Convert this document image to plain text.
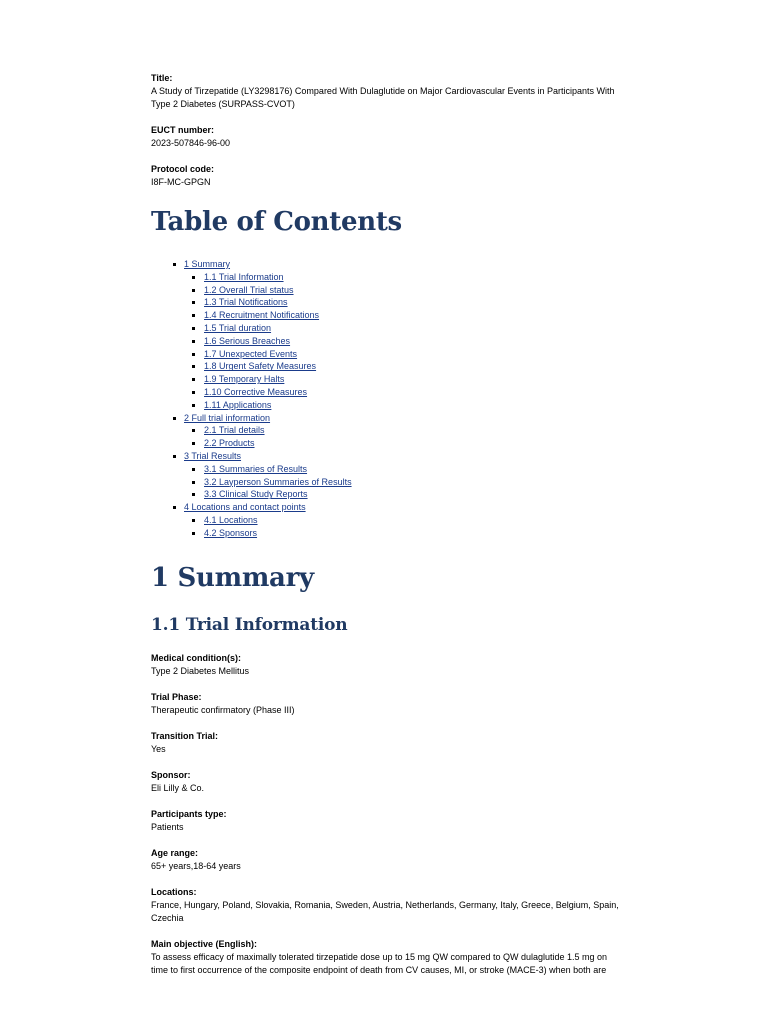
Title:
A Study of Tirzepatide (LY3298176) Compared With Dulaglutide on Major Cardiovascular Events in Participants With Type 2 Diabetes (SURPASS-CVOT)
EUCT number:
2023-507846-96-00
Protocol code:
I8F-MC-GPGN
Table of Contents
1 Summary
1.1 Trial Information
1.2 Overall Trial status
1.3 Trial Notifications
1.4 Recruitment Notifications
1.5 Trial duration
1.6 Serious Breaches
1.7 Unexpected Events
1.8 Urgent Safety Measures
1.9 Temporary Halts
1.10 Corrective Measures
1.11 Applications
2 Full trial information
2.1 Trial details
2.2 Products
3 Trial Results
3.1 Summaries of Results
3.2 Layperson Summaries of Results
3.3 Clinical Study Reports
4 Locations and contact points
4.1 Locations
4.2 Sponsors
1 Summary
1.1 Trial Information
Medical condition(s):
Type 2 Diabetes Mellitus
Trial Phase:
Therapeutic confirmatory (Phase III)
Transition Trial:
Yes
Sponsor:
Eli Lilly & Co.
Participants type:
Patients
Age range:
65+ years,18-64 years
Locations:
France, Hungary, Poland, Slovakia, Romania, Sweden, Austria, Netherlands, Germany, Italy, Greece, Belgium, Spain, Czechia
Main objective (English):
To assess efficacy of maximally tolerated tirzepatide dose up to 15 mg QW compared to QW dulaglutide 1.5 mg on time to first occurrence of the composite endpoint of death from CV causes, MI, or stroke (MACE-3) when both are
